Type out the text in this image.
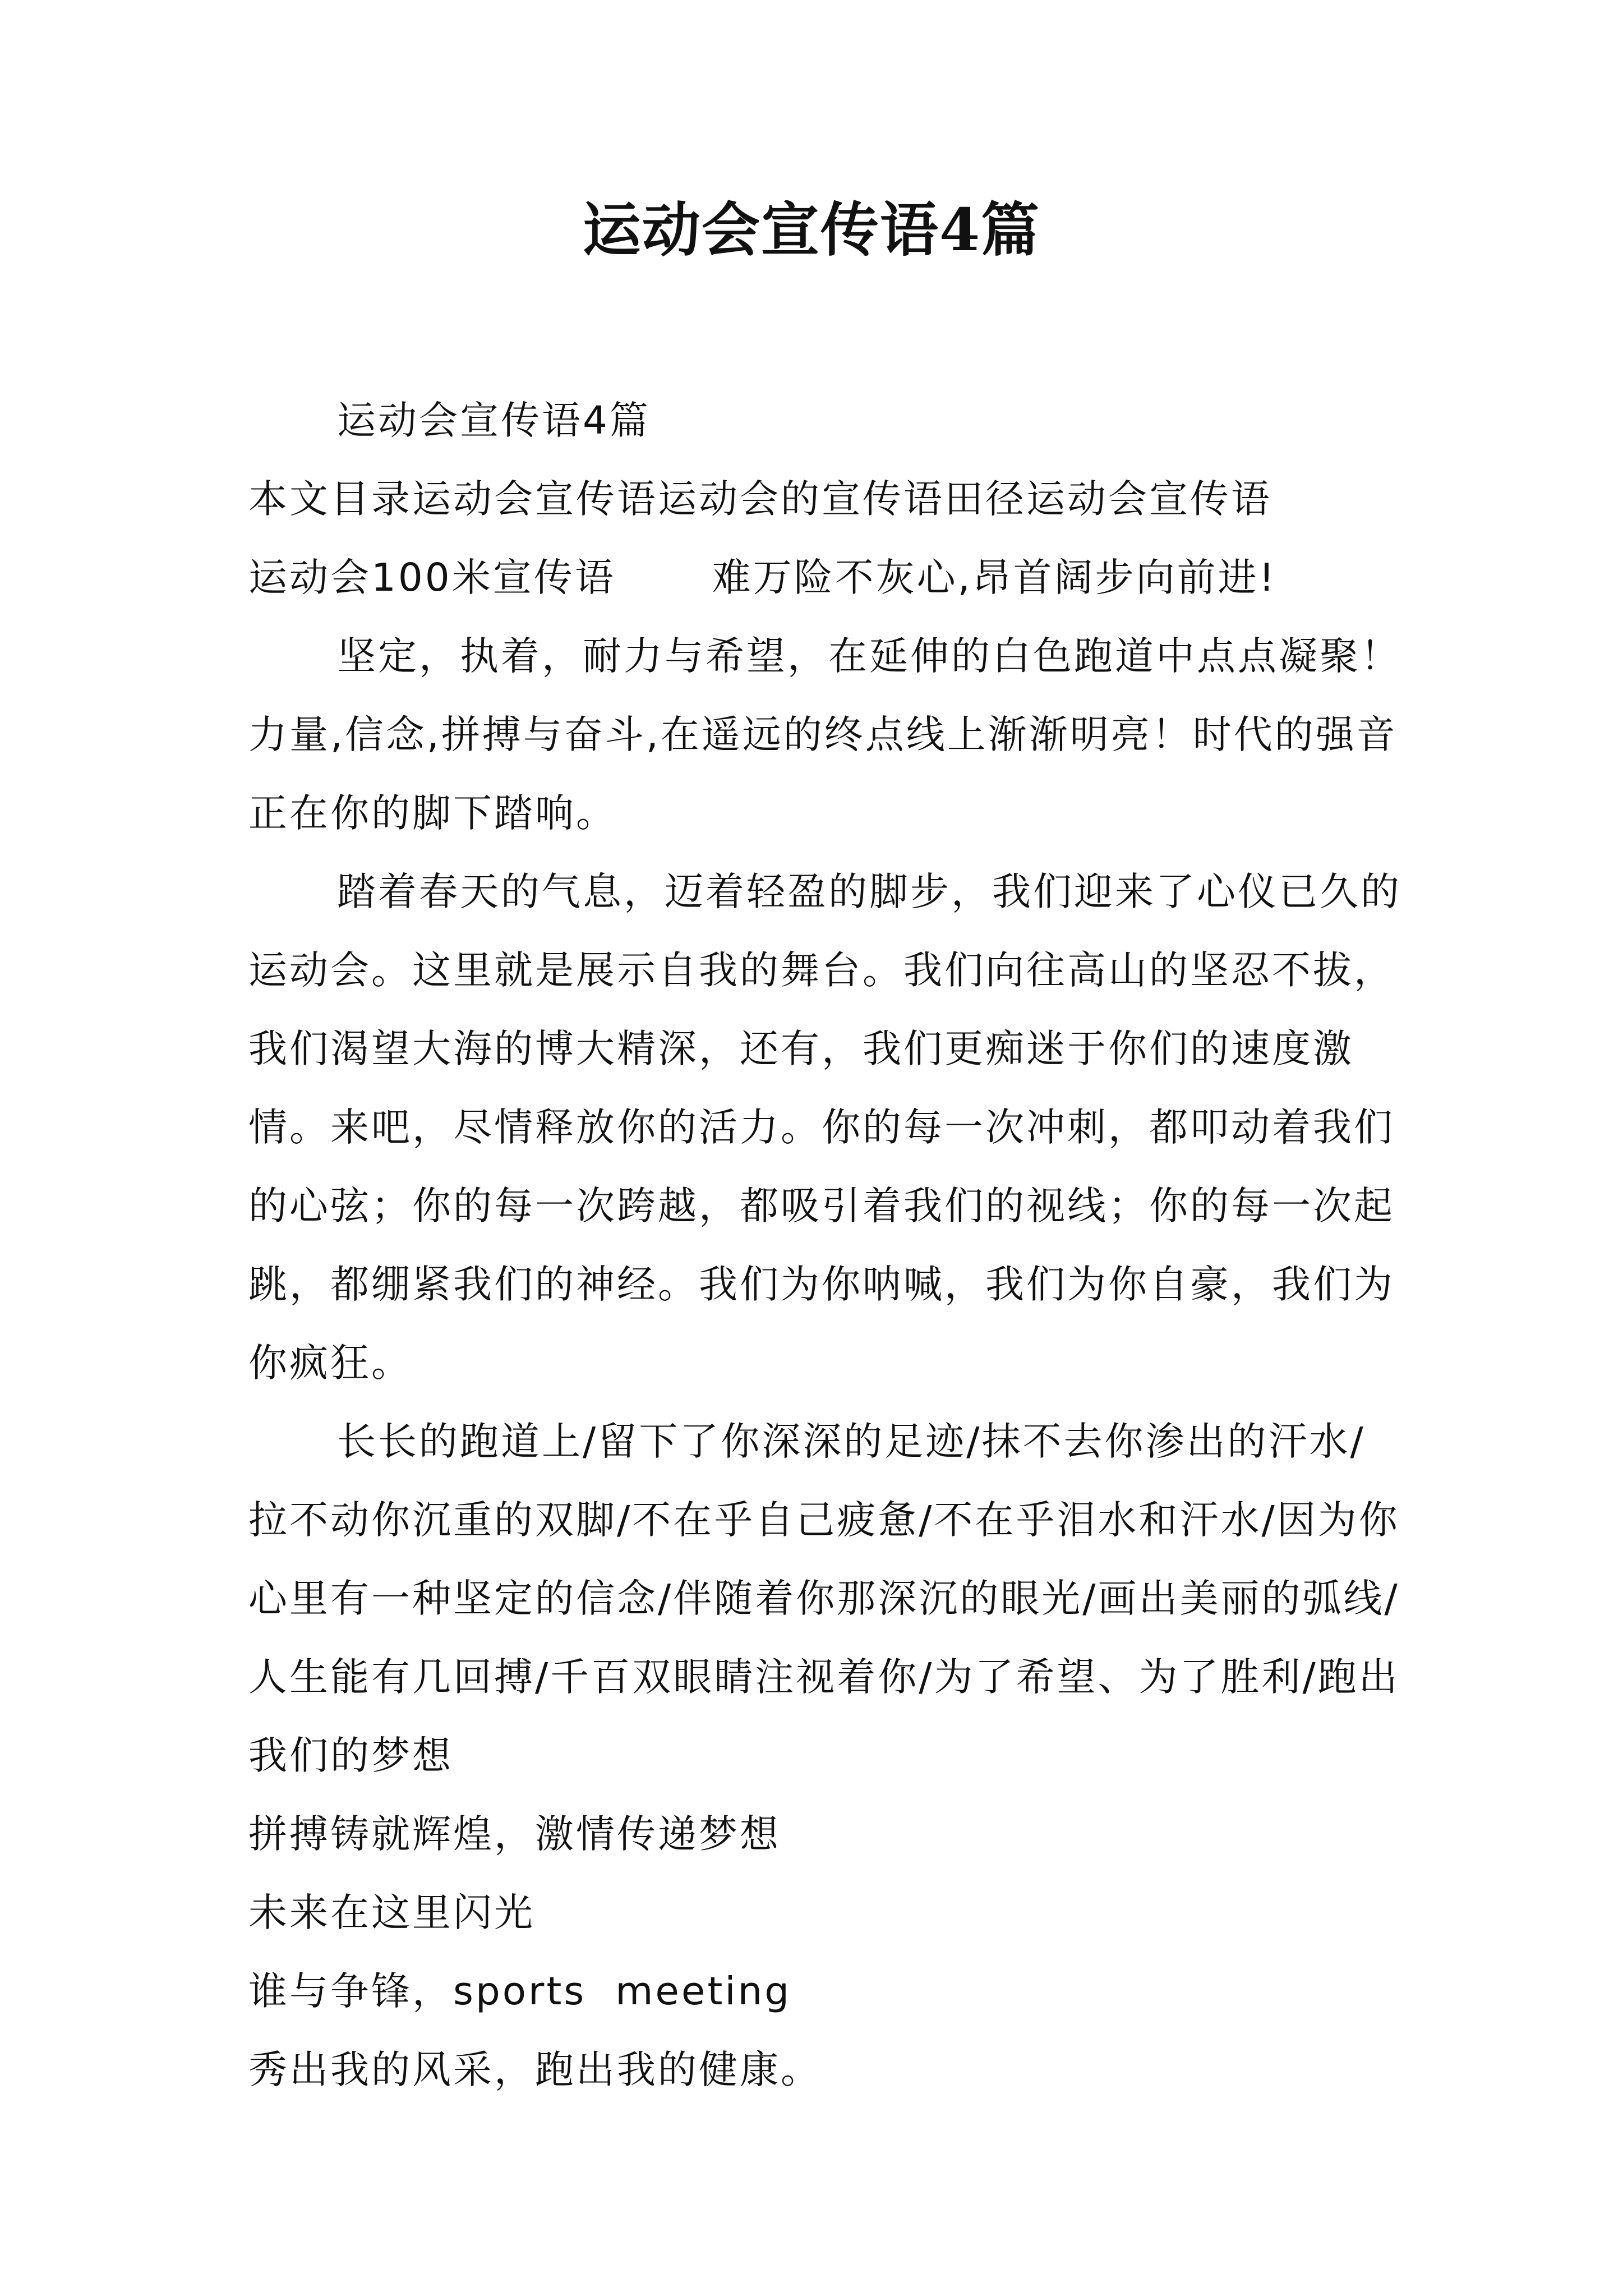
运动会宣传语4篇

运动会宣传语4篇

本文目录运动会宣传语运动会的宣传语田径运动会宣传语

运动会100米宣传语　　 难万险不灰心,昂首阔步向前进!

坚定，执着，耐力与希望，在延伸的白色跑道中点点凝聚！力量,信念,拼搏与奋斗,在遥远的终点线上渐渐明亮！时代的强音正在你的脚下踏响。

踏着春天的气息，迈着轻盈的脚步，我们迎来了心仪已久的运动会。这里就是展示自我的舞台。我们向往高山的坚忍不拔，我们渴望大海的博大精深，还有，我们更痴迷于你们的速度激情。来吧，尽情释放你的活力。你的每一次冲刺，都叩动着我们的心弦；你的每一次跨越，都吸引着我们的视线；你的每一次起跳，都绷紧我们的神经。我们为你呐喊，我们为你自豪，我们为你疯狂。

长长的跑道上/留下了你深深的足迹/抹不去你渗出的汗水/拉不动你沉重的双脚/不在乎自己疲惫/不在乎泪水和汗水/因为你心里有一种坚定的信念/伴随着你那深沉的眼光/画出美丽的弧线/人生能有几回搏/千百双眼睛注视着你/为了希望、为了胜利/跑出我们的梦想

拼搏铸就辉煌，激情传递梦想

未来在这里闪光

谁与争锋，sports  meeting

秀出我的风采，跑出我的健康。
